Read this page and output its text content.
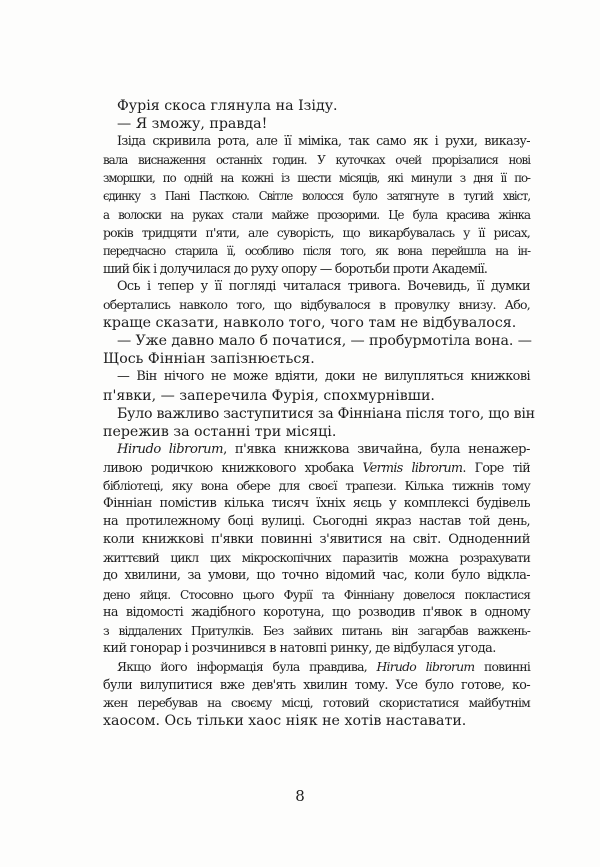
Фурія скоса глянула на Ізіду.
— Я зможу, правда!
Ізіда скривила рота, але її міміка, так само як і рухи, виказу-
вала виснаження останніх годин. У куточках очей прорізалися нові
зморшки, по одній на кожні із шести місяців, які минули з дня її по-
єдинку з Пані Пасткою. Світле волосся було затягнуте в тугий хвіст,
а волоски на руках стали майже прозорими. Це була красива жінка
років тридцяти п'яти, але суворість, що викарбувалась у її рисах,
передчасно старила її, особливо після того, як вона перейшла на ін-
ший бік і долучилася до руху опору — боротьби проти Академії.
Ось і тепер у її погляді читалася тривога. Вочевидь, її думки
обертались навколо того, що відбувалося в провулку внизу. Або,
краще сказати, навколо того, чого там не відбувалося.
— Уже давно мало б початися, — пробурмотіла вона. —
Щось Фінніан запізнюється.
— Він нічого не може вдіяти, доки не вилупляться книжкові
п'явки, — заперечила Фурія, спохмурнівши.
Було важливо заступитися за Фінніана після того, що він
пережив за останні три місяці.
Hirudo librorum, п'явка книжкова звичайна, була ненажер-
ливою родичкою книжкового хробака Vermis librorum. Горе тій
бібліотеці, яку вона обере для своєї трапези. Кілька тижнів тому
Фінніан помістив кілька тисяч їхніх яєць у комплексі будівель
на протилежному боці вулиці. Сьогодні якраз настав той день,
коли книжкові п'явки повинні з'явитися на світ. Одноденний
життєвий цикл цих мікроскопічних паразитів можна розрахувати
до хвилини, за умови, що точно відомий час, коли було відкла-
дено яйця. Стосовно цього Фурії та Фінніану довелося покластися
на відомості жадібного коротуна, що розводив п'явок в одному
з віддалених Притулків. Без зайвих питань він загарбав важкень-
кий гонорар і розчинився в натовпі ринку, де відбулася угода.
Якщо його інформація була правдива, Hirudo librorum повинні
були вилупитися вже дев'ять хвилин тому. Усе було готове, ко-
жен перебував на своєму місці, готовий скористатися майбутнім
хаосом. Ось тільки хаос ніяк не хотів наставати.
8
